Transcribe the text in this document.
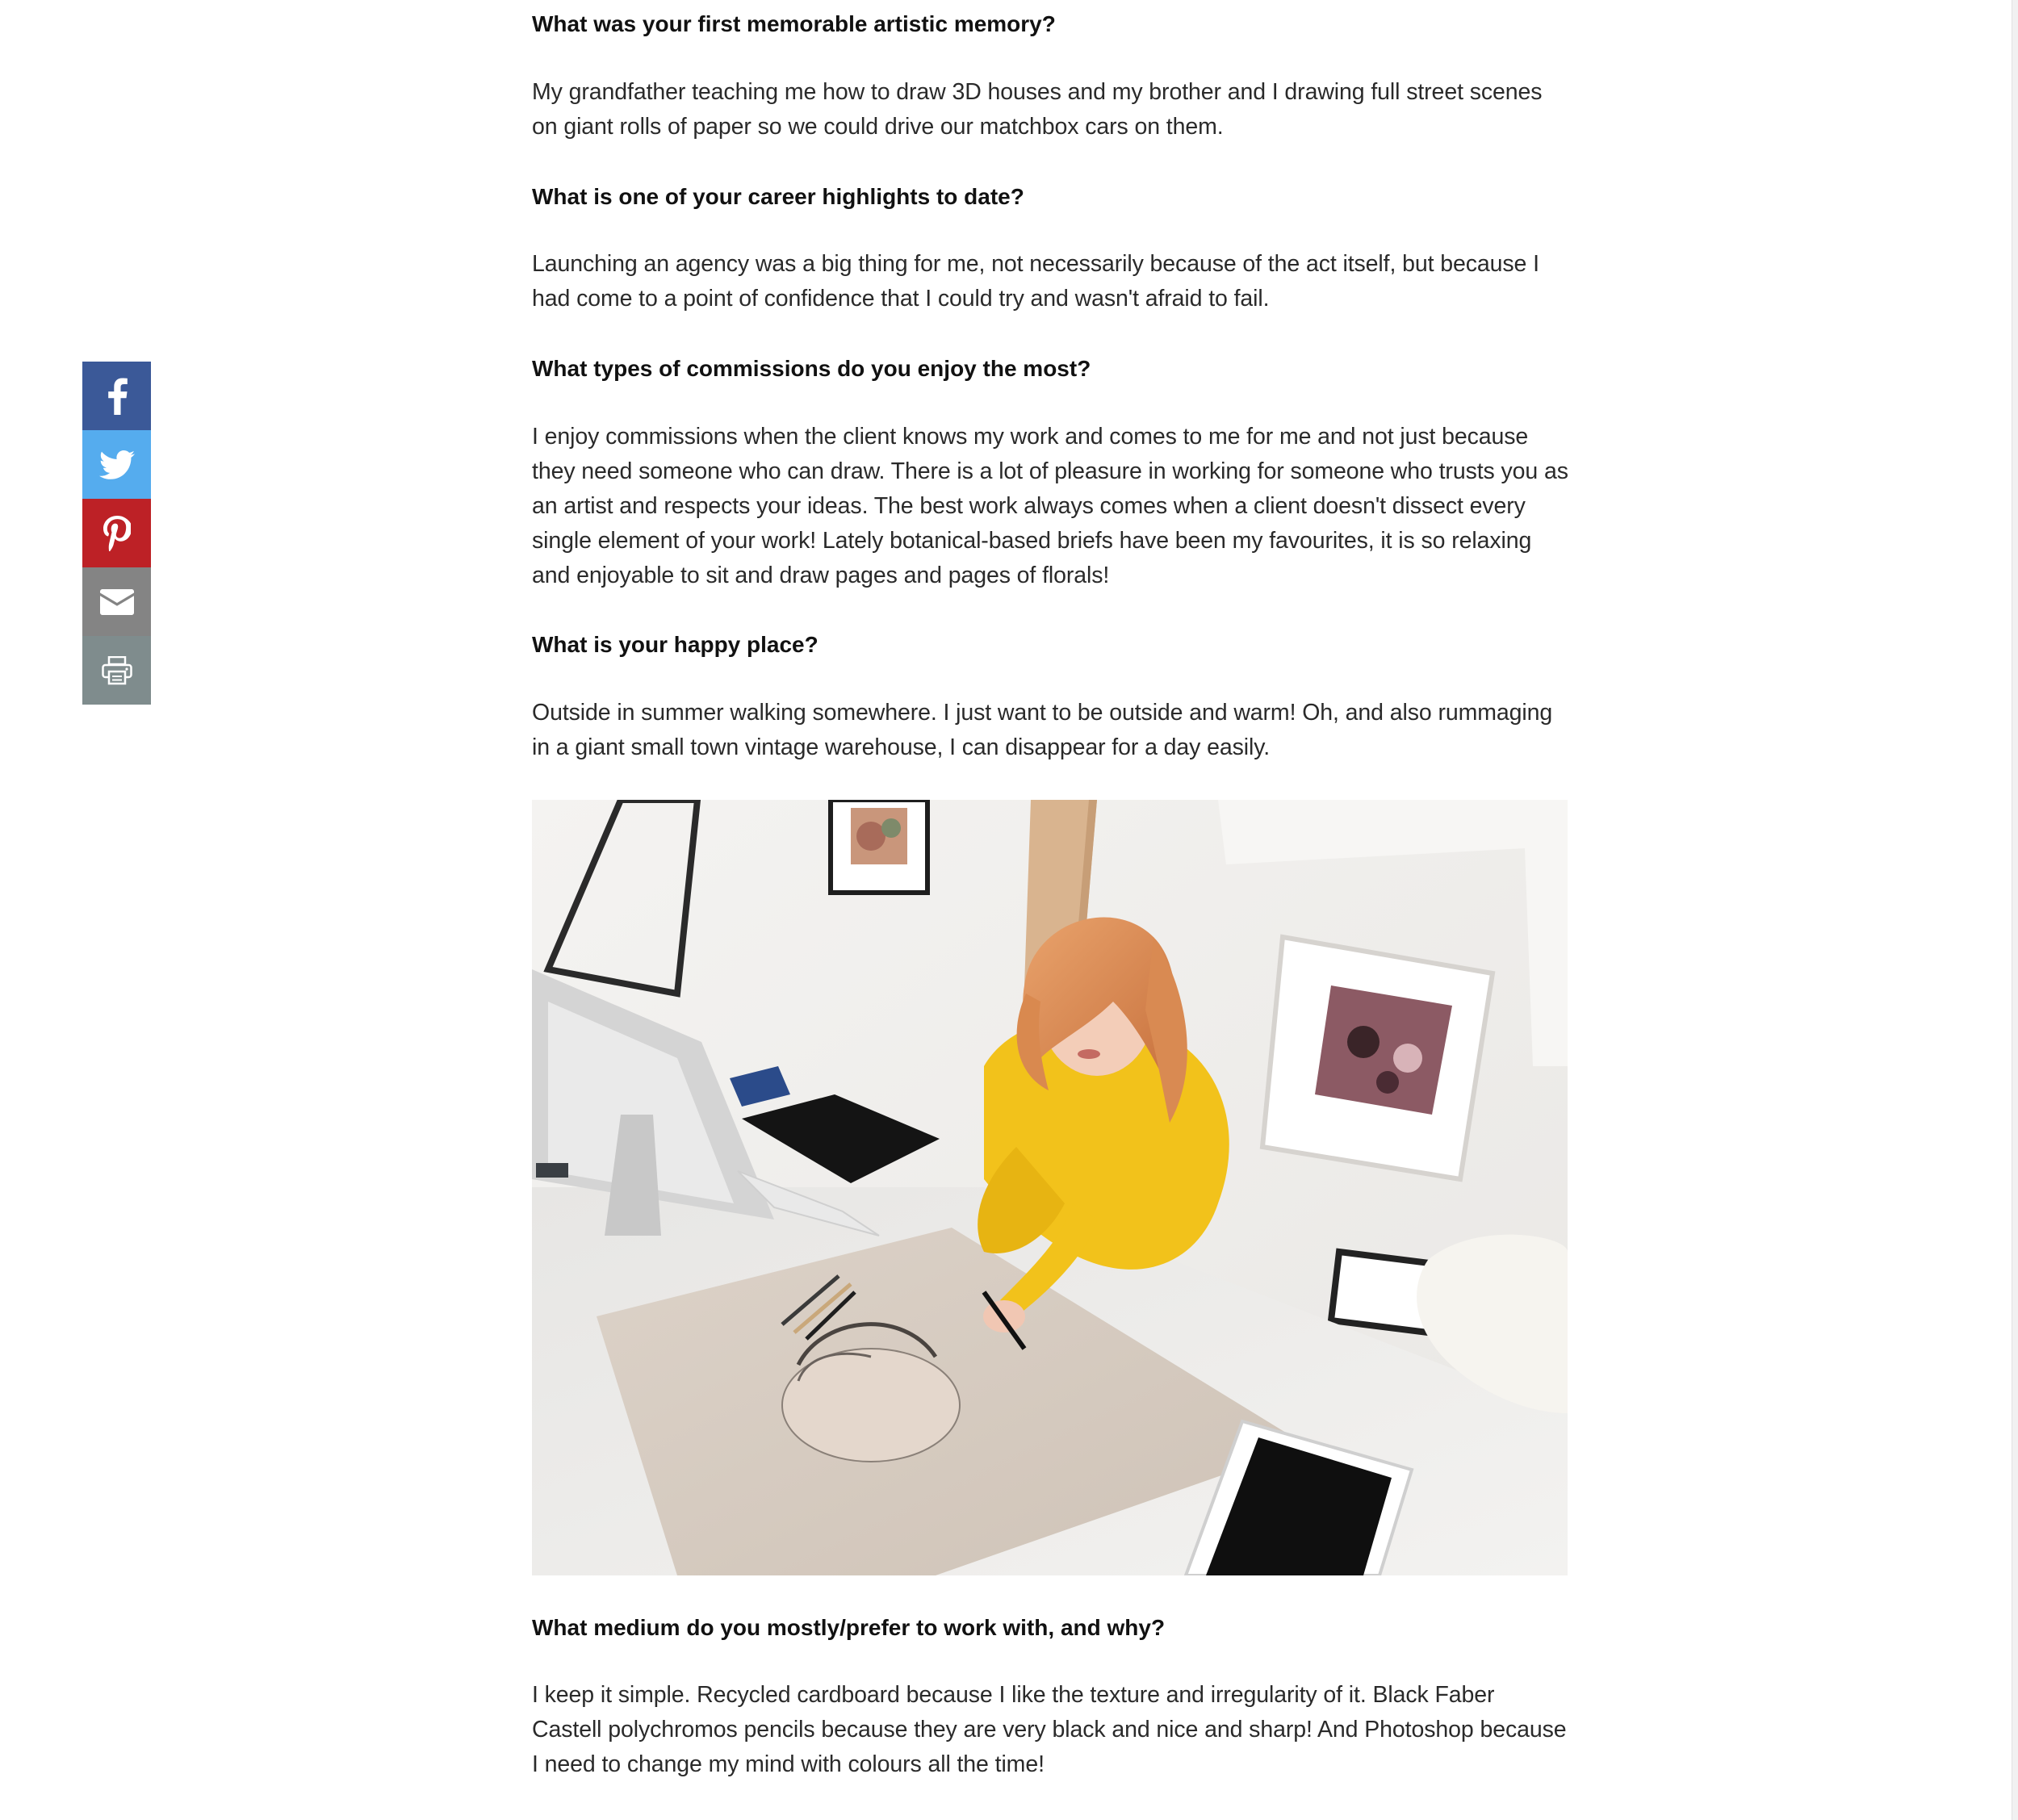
What was your first memorable artistic memory?

My grandfather teaching me how to draw 3D houses and my brother and I drawing full street scenes on giant rolls of paper so we could drive our matchbox cars on them.

What is one of your career highlights to date?

Launching an agency was a big thing for me, not necessarily because of the act itself, but because I had come to a point of confidence that I could try and wasn't afraid to fail.

What types of commissions do you enjoy the most?

I enjoy commissions when the client knows my work and comes to me for me and not just because they need someone who can draw. There is a lot of pleasure in working for someone who trusts you as an artist and respects your ideas. The best work always comes when a client doesn't dissect every single element of your work! Lately botanical-based briefs have been my favourites, it is so relaxing and enjoyable to sit and draw pages and pages of florals!

What is your happy place?

Outside in summer walking somewhere. I just want to be outside and warm! Oh, and also rummaging in a giant small town vintage warehouse, I can disappear for a day easily.

What medium do you mostly/prefer to work with, and why?

I keep it simple. Recycled cardboard because I like the texture and irregularity of it. Black Faber Castell polychromos pencils because they are very black and nice and sharp! And Photoshop because I need to change my mind with colours all the time!
